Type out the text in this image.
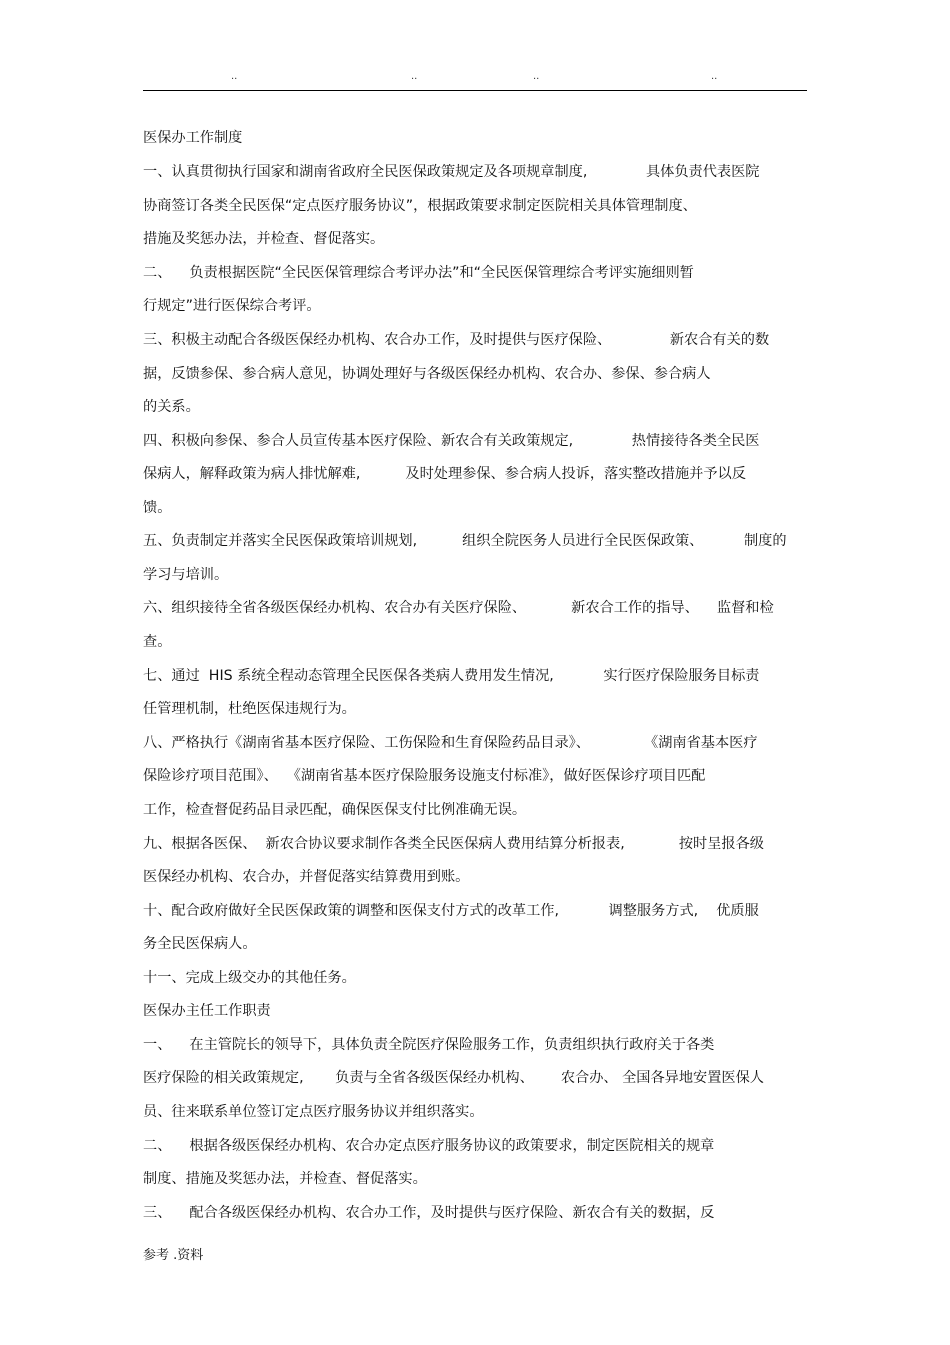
..	..	..	..
医保办工作制度
一、认真贯彻执行国家和湖南省政府全民医保政策规定及各项规章制度,             具体负责代表医院
协商签订各类全民医保“定点医疗服务协议”，根据政策要求制定医院相关具体管理制度、
措施及奖惩办法，并检查、督促落实。
二、    负责根据医院“全民医保管理综合考评办法”和“全民医保管理综合考评实施细则暂
行规定”进行医保综合考评。
三、积极主动配合各级医保经办机构、农合办工作，及时提供与医疗保险、             新农合有关的数
据，反馈参保、参合病人意见，协调处理好与各级医保经办机构、农合办、参保、参合病人
的关系。
四、积极向参保、参合人员宣传基本医疗保险、新农合有关政策规定,             热情接待各类全民医
保病人，解释政策为病人排忧解难,          及时处理参保、参合病人投诉，落实整改措施并予以反
馈。
五、负责制定并落实全民医保政策培训规划,          组织全院医务人员进行全民医保政策、         制度的
学习与培训。
六、组织接待全省各级医保经办机构、农合办有关医疗保险、          新农合工作的指导、    监督和检
查。
七、通过  HIS 系统全程动态管理全民医保各类病人费用发生情况,           实行医疗保险服务目标责
任管理机制，杜绝医保违规行为。
八、严格执行《湖南省基本医疗保险、工伤保险和生育保险药品目录》、            《湖南省基本医疗
保险诊疗项目范围》、  《湖南省基本医疗保险服务设施支付标准》，做好医保诊疗项目匹配
工作，检查督促药品目录匹配，确保医保支付比例准确无误。
九、根据各医保、  新农合协议要求制作各类全民医保病人费用结算分析报表,            按时呈报各级
医保经办机构、农合办，并督促落实结算费用到账。
十、配合政府做好全民医保政策的调整和医保支付方式的改革工作,           调整服务方式,    优质服
务全民医保病人。
十一、完成上级交办的其他任务。
医保办主任工作职责
一、    在主管院长的领导下，具体负责全院医疗保险服务工作，负责组织执行政府关于各类
医疗保险的相关政策规定,       负责与全省各级医保经办机构、      农合办、 全国各异地安置医保人
员、往来联系单位签订定点医疗服务协议并组织落实。
二、    根据各级医保经办机构、农合办定点医疗服务协议的政策要求，制定医院相关的规章
制度、措施及奖惩办法，并检查、督促落实。
三、    配合各级医保经办机构、农合办工作，及时提供与医疗保险、新农合有关的数据，反
参考 .资料
